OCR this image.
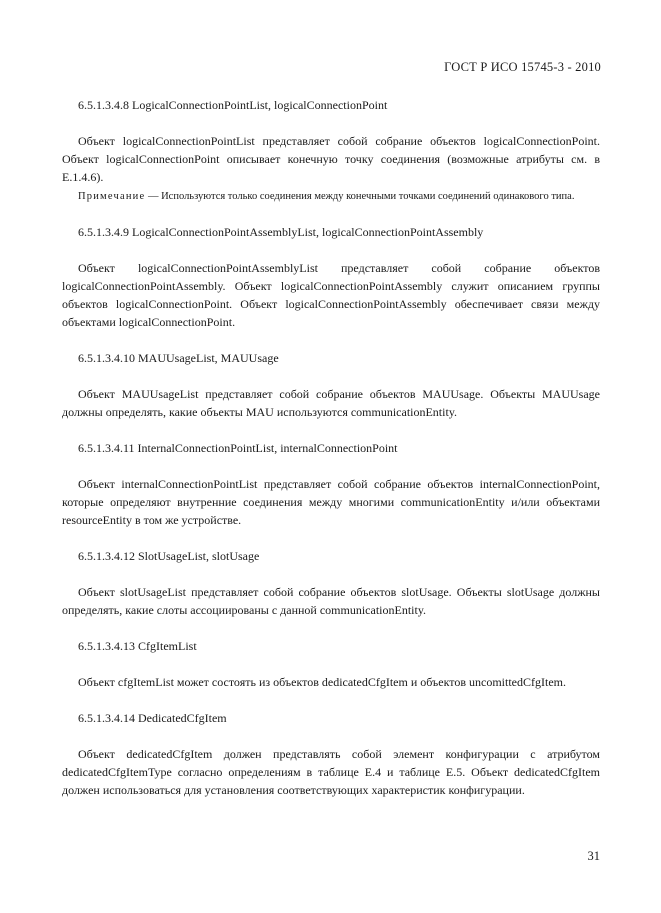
ГОСТ Р ИСО 15745-3 - 2010

6.5.1.3.4.8 LogicalConnectionPointList, logicalConnectionPoint

Объект logicalConnectionPointList представляет собой собрание объектов logicalConnectionPoint. Объект logicalConnectionPoint описывает конечную точку соединения (возможные атрибуты см. в Е.1.4.6).

Примечание — Используются только соединения между конечными точками соединений одинакового типа.

6.5.1.3.4.9 LogicalConnectionPointAssemblyList, logicalConnectionPointAssembly

Объект logicalConnectionPointAssemblyList представляет собой собрание объектов logicalConnectionPointAssembly. Объект logicalConnectionPointAssembly служит описанием группы объектов logicalConnectionPoint. Объект logicalConnectionPointAssembly обеспечивает связи между объектами logicalConnectionPoint.

6.5.1.3.4.10 MAUUsageList, MAUUsage

Объект MAUUsageList представляет собой собрание объектов MAUUsage. Объекты MAUUsage должны определять, какие объекты MAU используются communicationEntity.

6.5.1.3.4.11 InternalConnectionPointList, internalConnectionPoint

Объект internalConnectionPointList представляет собой собрание объектов internalConnectionPoint, которые определяют внутренние соединения между многими communicationEntity и/или объектами resourceEntity в том же устройстве.

6.5.1.3.4.12 SlotUsageList, slotUsage

Объект slotUsageList представляет собой собрание объектов slotUsage. Объекты slotUsage должны определять, какие слоты ассоциированы с данной communicationEntity.

6.5.1.3.4.13 CfgItemList

Объект cfgItemList может состоять из объектов dedicatedCfgItem и объектов uncomittedCfgItem.

6.5.1.3.4.14 DedicatedCfgItem

Объект dedicatedCfgItem должен представлять собой элемент конфигурации с атрибутом dedicatedCfgItemType согласно определениям в таблице Е.4 и таблице Е.5. Объект dedicatedCfgItem должен использоваться для установления соответствующих характеристик конфигурации.

31
